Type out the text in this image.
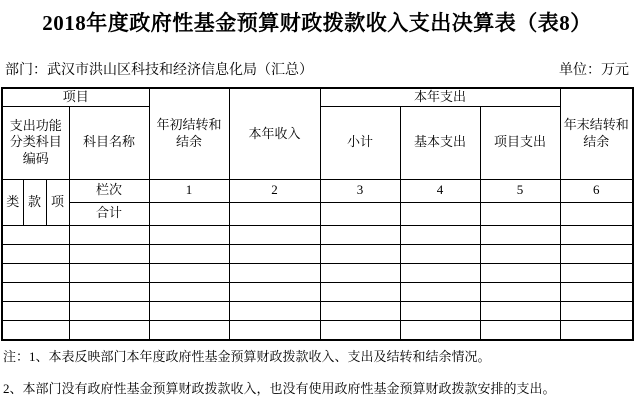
2018年度政府性基金预算财政拨款收入支出决算表（表8）
部门：武汉市洪山区科技和经济信息化局（汇总）	单位：万元
项目				年初结转和结余	本年收入	本年支出			年末结转和结余
支出功能分类科目编码			科目名称			小计	基本支出	项目支出	
类	款	项	栏次	1	2	3	4	5	6
			合计						

注：1、本表反映部门本年度政府性基金预算财政拨款收入、支出及结转和结余情况。

2、本部门没有政府性基金预算财政拨款收入，也没有使用政府性基金预算财政拨款安排的支出。
